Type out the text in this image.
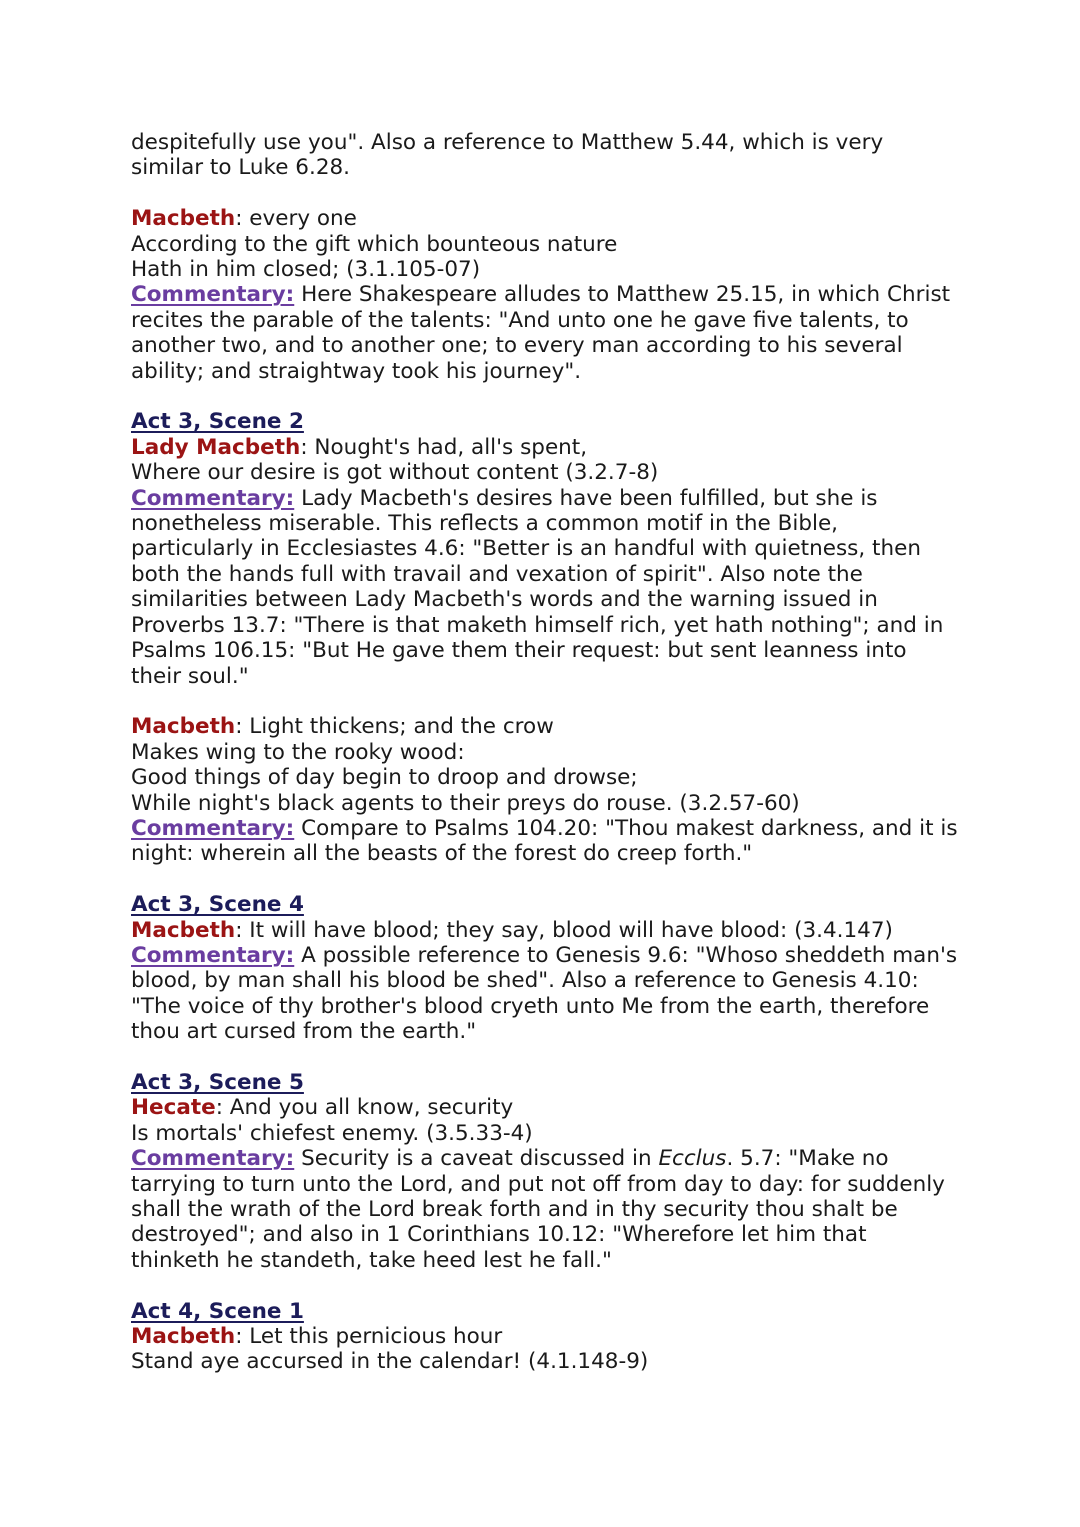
despitefully use you". Also a reference to Matthew 5.44, which is very
similar to Luke 6.28.
Macbeth: every one
According to the gift which bounteous nature
Hath in him closed; (3.1.105-07)
Commentary: Here Shakespeare alludes to Matthew 25.15, in which Christ recites the parable of the talents: "And unto one he gave five talents, to another two, and to another one; to every man according to his several ability; and straightway took his journey".
Act 3, Scene 2
Lady Macbeth: Nought's had, all's spent,
Where our desire is got without content (3.2.7-8)
Commentary: Lady Macbeth's desires have been fulfilled, but she is nonetheless miserable. This reflects a common motif in the Bible, particularly in Ecclesiastes 4.6: "Better is an handful with quietness, then both the hands full with travail and vexation of spirit". Also note the similarities between Lady Macbeth's words and the warning issued in Proverbs 13.7: "There is that maketh himself rich, yet hath nothing"; and in Psalms 106.15: "But He gave them their request: but sent leanness into their soul."
Macbeth: Light thickens; and the crow
Makes wing to the rooky wood:
Good things of day begin to droop and drowse;
While night's black agents to their preys do rouse. (3.2.57-60)
Commentary: Compare to Psalms 104.20: "Thou makest darkness, and it is night: wherein all the beasts of the forest do creep forth."
Act 3, Scene 4
Macbeth: It will have blood; they say, blood will have blood: (3.4.147)
Commentary: A possible reference to Genesis 9.6: "Whoso sheddeth man's blood, by man shall his blood be shed". Also a reference to Genesis 4.10: "The voice of thy brother's blood cryeth unto Me from the earth, therefore thou art cursed from the earth."
Act 3, Scene 5
Hecate: And you all know, security
Is mortals' chiefest enemy. (3.5.33-4)
Commentary: Security is a caveat discussed in Ecclus. 5.7: "Make no tarrying to turn unto the Lord, and put not off from day to day: for suddenly shall the wrath of the Lord break forth and in thy security thou shalt be destroyed"; and also in 1 Corinthians 10.12: "Wherefore let him that thinketh he standeth, take heed lest he fall."
Act 4, Scene 1
Macbeth: Let this pernicious hour
Stand aye accursed in the calendar! (4.1.148-9)
